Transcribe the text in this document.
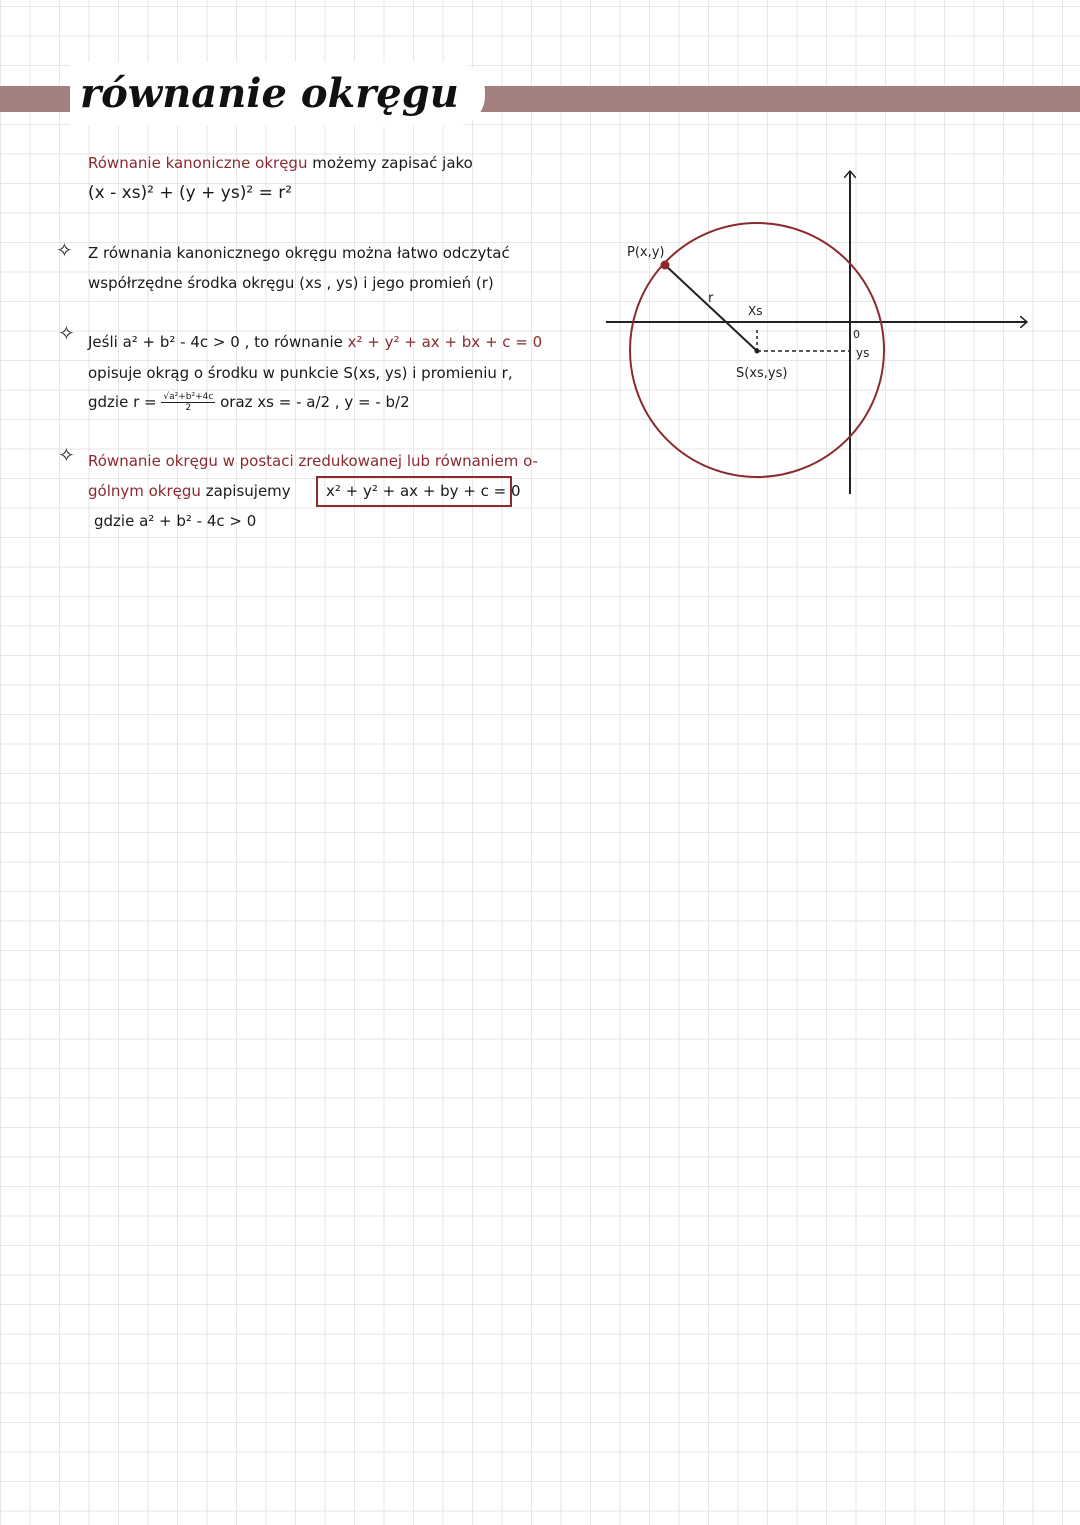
równanie okręgu
Równanie kanoniczne okręgu możemy zapisać jako
(x - xs)² + (y + ys)² = r²
✧ Z równania kanonicznego okręgu można łatwo odczytać
współrzędne środka okręgu (xs , ys) i jego promień (r)
✧ Jeśli a² + b² - 4c > 0 , to równanie x² + y² + ax + bx + c = 0
opisuje okrąg o środku w punkcie S(xs, ys) i promieniu r,
gdzie $r = \frac{\text{√a²+b²+4c}}{2}$ oraz xs = - a/2 , y = - b/2
✧ Równanie okręgu w postaci zredukowanej lub równaniem o-
gólnym okręgu zapisujemy	x² + y² + ax + by + c = 0
gdzie a² + b² - 4c > 0
P(x,y)
r
Xs
0
ys
S(xs,ys)
